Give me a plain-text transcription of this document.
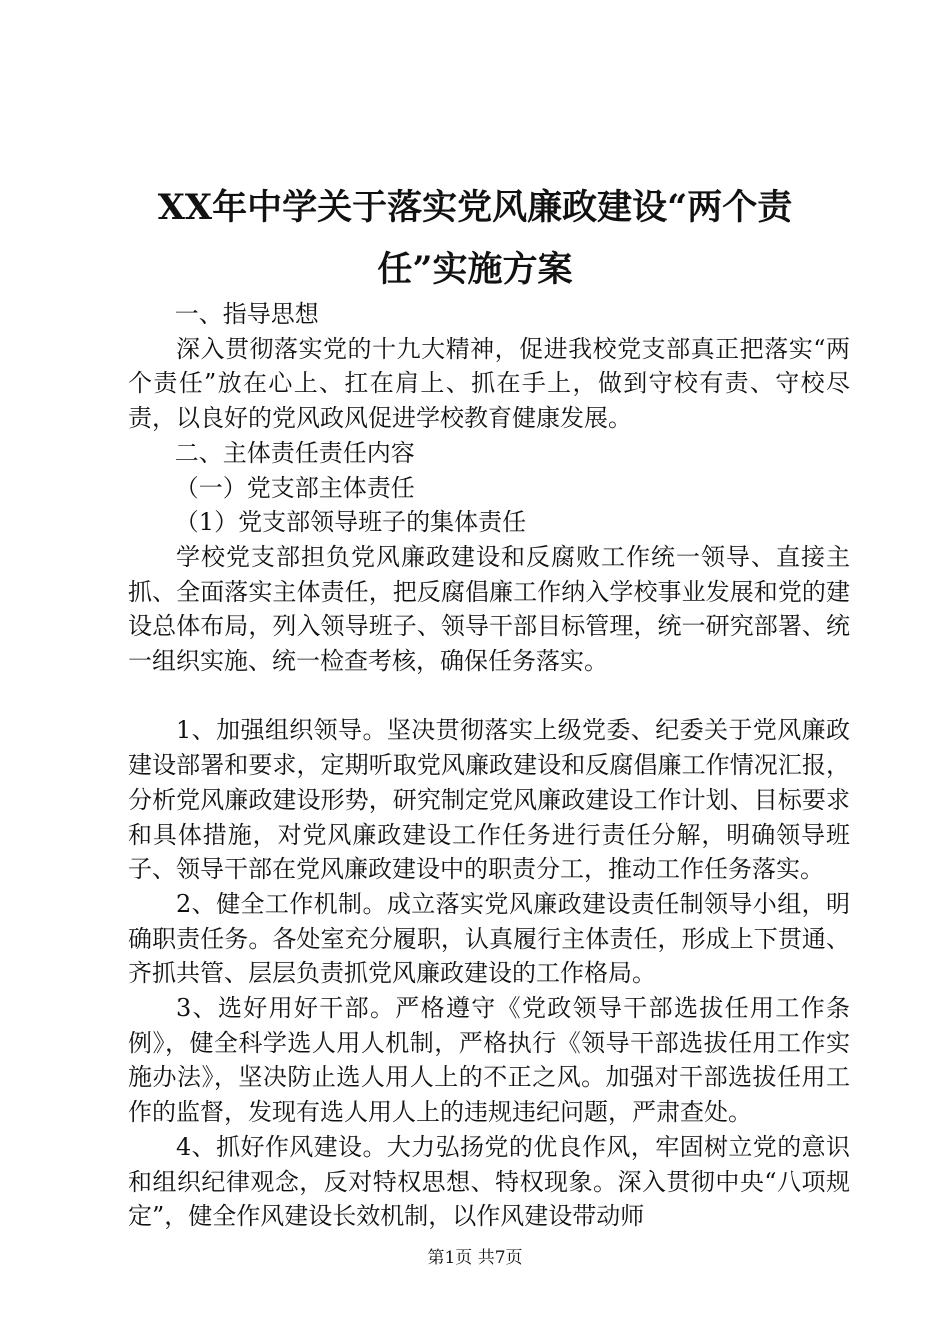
XX年中学关于落实党风廉政建设“两个责
任”实施方案

一、指导思想

深入贯彻落实党的十九大精神，促进我校党支部真正把落实“两个责任”放在心上、扛在肩上、抓在手上，做到守校有责、守校尽责，以良好的党风政风促进学校教育健康发展。

二、主体责任责任内容

（一）党支部主体责任

（1）党支部领导班子的集体责任

学校党支部担负党风廉政建设和反腐败工作统一领导、直接主抓、全面落实主体责任，把反腐倡廉工作纳入学校事业发展和党的建设总体布局，列入领导班子、领导干部目标管理，统一研究部署、统一组织实施、统一检查考核，确保任务落实。

1、加强组织领导。坚决贯彻落实上级党委、纪委关于党风廉政建设部署和要求，定期听取党风廉政建设和反腐倡廉工作情况汇报，分析党风廉政建设形势，研究制定党风廉政建设工作计划、目标要求和具体措施，对党风廉政建设工作任务进行责任分解，明确领导班子、领导干部在党风廉政建设中的职责分工，推动工作任务落实。

2、健全工作机制。成立落实党风廉政建设责任制领导小组，明确职责任务。各处室充分履职，认真履行主体责任，形成上下贯通、齐抓共管、层层负责抓党风廉政建设的工作格局。

3、选好用好干部。严格遵守《党政领导干部选拔任用工作条例》，健全科学选人用人机制，严格执行《领导干部选拔任用工作实施办法》，坚决防止选人用人上的不正之风。加强对干部选拔任用工作的监督，发现有选人用人上的违规违纪问题，严肃查处。

4、抓好作风建设。大力弘扬党的优良作风，牢固树立党的意识和组织纪律观念，反对特权思想、特权现象。深入贯彻中央“八项规定”，健全作风建设长效机制，以作风建设带动师

第1页 共7页
